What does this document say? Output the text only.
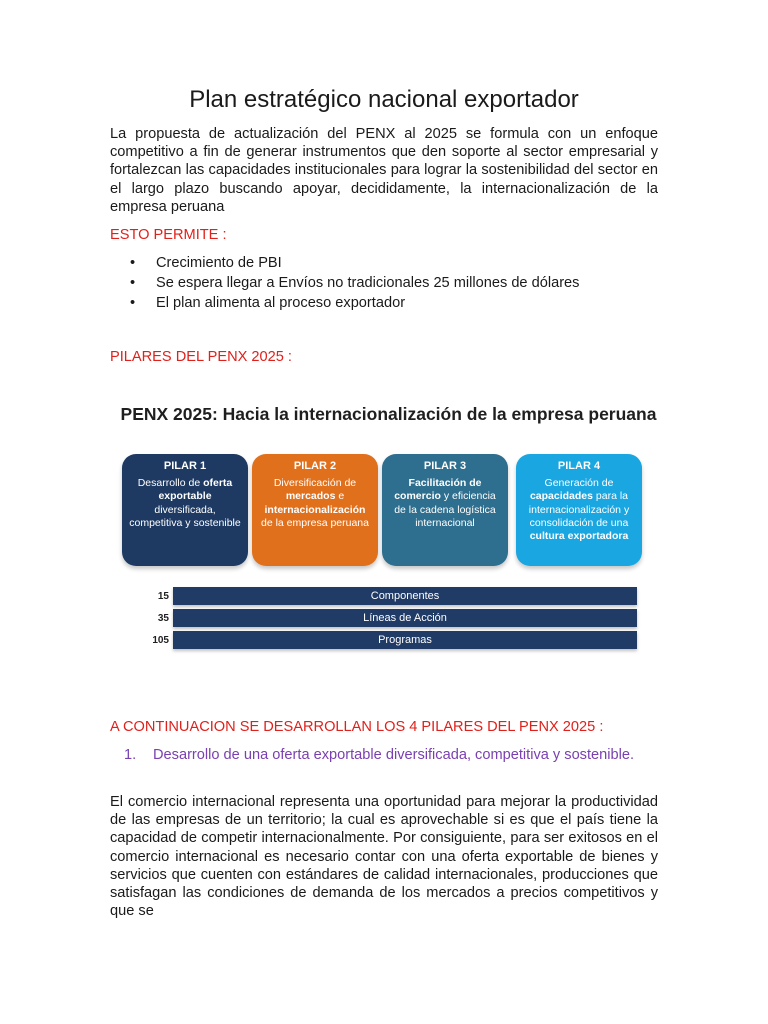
Plan estratégico nacional exportador

La propuesta de actualización del PENX al 2025 se formula con un enfoque competitivo a fin de generar instrumentos que den soporte al sector empresarial y fortalezcan las capacidades institucionales para lograr la sostenibilidad del sector en el largo plazo buscando apoyar, decididamente, la internacionalización de la empresa peruana

ESTO PERMITE :

• Crecimiento de PBI
• Se espera llegar a Envíos no tradicionales 25 millones de dólares
• El plan alimenta al proceso exportador

PILARES DEL PENX 2025 :

A CONTINUACION SE DESARROLLAN LOS 4 PILARES DEL PENX 2025 :

1.	Desarrollo de una oferta exportable diversificada, competitiva y sostenible.

El comercio internacional representa una oportunidad para mejorar la productividad de las empresas de un territorio; la cual es aprovechable si es que el país tiene la capacidad de competir internacionalmente. Por consiguiente, para ser exitosos en el comercio internacional es necesario contar con una oferta exportable de bienes y servicios que cuenten con estándares de calidad internacionales, producciones que satisfagan las condiciones de demanda de los mercados a precios competitivos y que se

PENX 2025: Hacia la internacionalización de la empresa peruana
PILAR 1
Desarrollo de oferta exportable diversificada, competitiva y sostenible
PILAR 2
Diversificación de mercados e internacionalización de la empresa peruana
PILAR 3
Facilitación de comercio y eficiencia de la cadena logística internacional
PILAR 4
Generación de capacidades para la internacionalización y consolidación de una cultura exportadora
15	Componentes
35	Líneas de Acción
105	Programas
